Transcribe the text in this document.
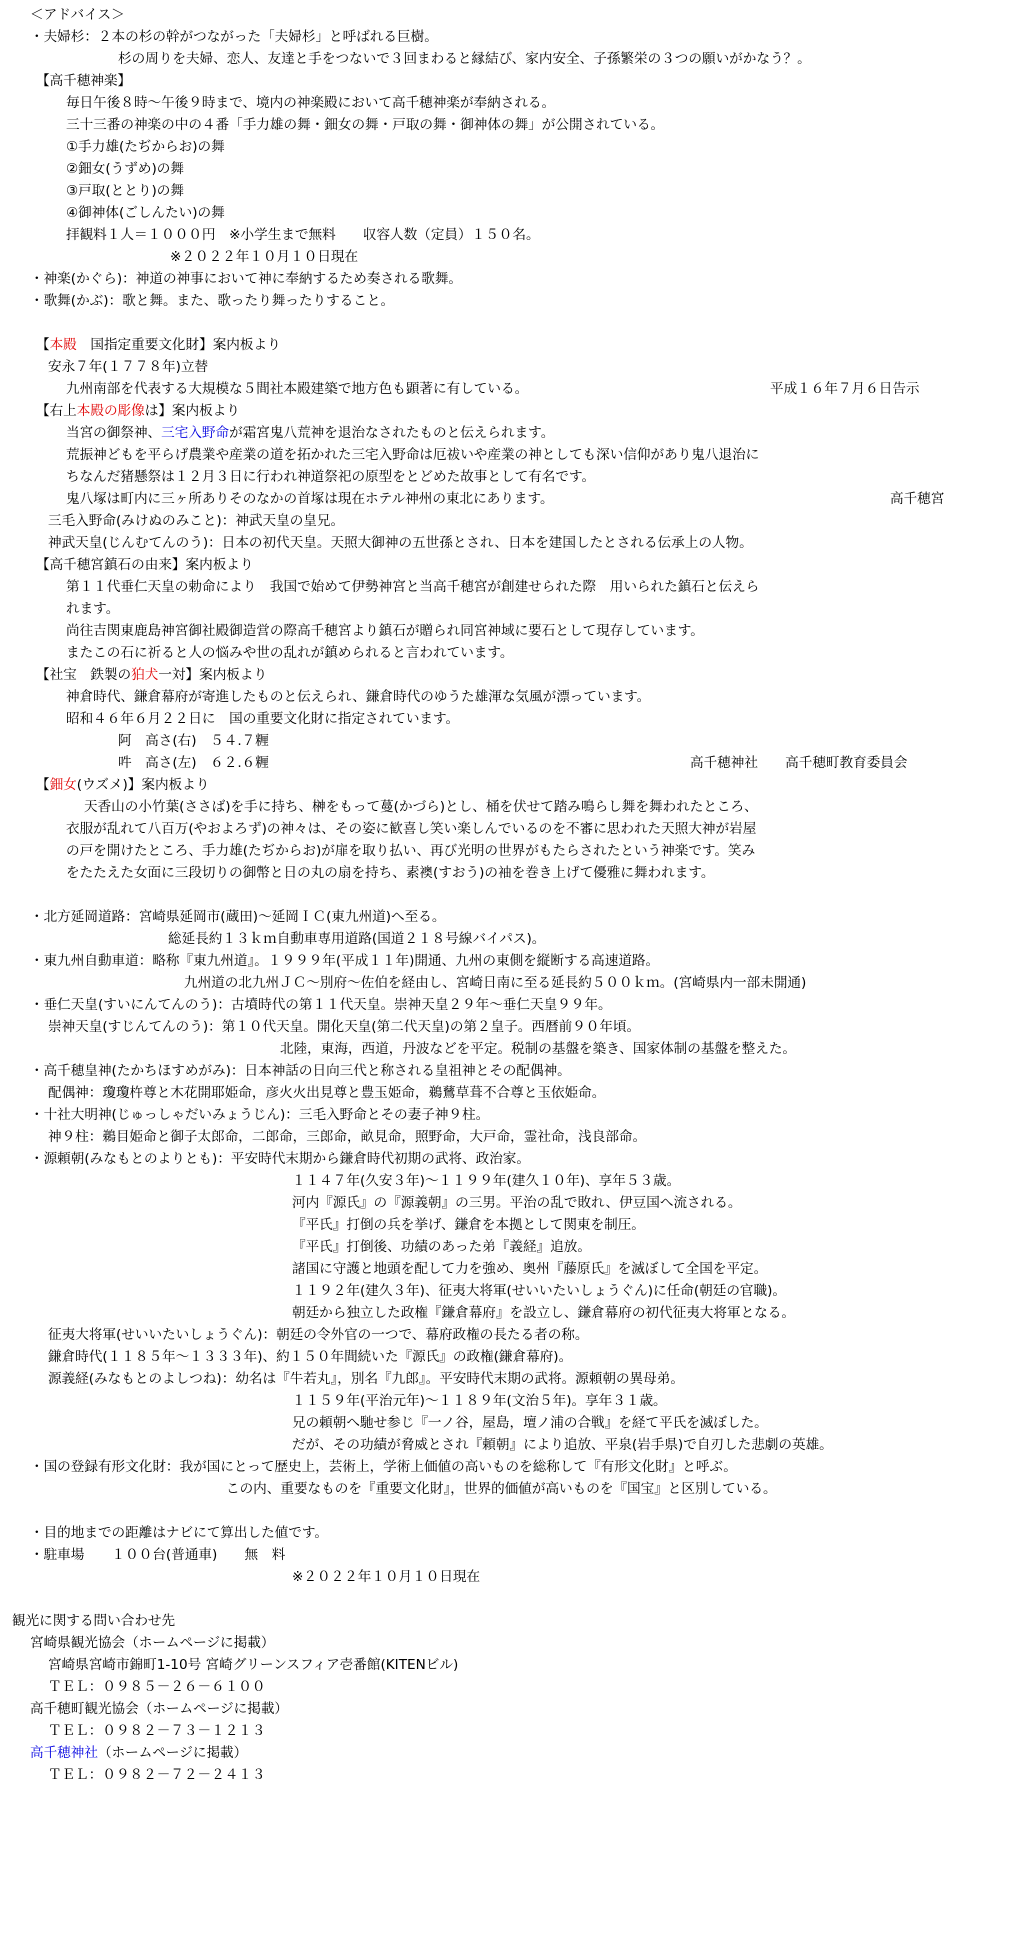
＜アドバイス＞
・夫婦杉：２本の杉の幹がつながった「夫婦杉」と呼ばれる巨樹。
杉の周りを夫婦、恋人、友達と手をつないで３回まわると縁結び、家内安全、子孫繁栄の３つの願いがかなう？。
【高千穂神楽】
毎日午後８時～午後９時まで、境内の神楽殿において高千穂神楽が奉納される。
三十三番の神楽の中の４番「手力雄の舞・鈿女の舞・戸取の舞・御神体の舞」が公開されている。
①手力雄(たぢからお)の舞
②鈿女(うずめ)の舞
③戸取(ととり)の舞
④御神体(ごしんたい)の舞
拝観料１人＝１０００円　※小学生まで無料　　収容人数（定員）１５０名。
※２０２２年１０月１０日現在
・神楽(かぐら)：神道の神事において神に奉納するため奏される歌舞。
・歌舞(かぶ)：歌と舞。また、歌ったり舞ったりすること。
【本殿　国指定重要文化財】案内板より
安永７年(１７７８年)立替
九州南部を代表する大規模な５間社本殿建築で地方色も顕著に有している。	平成１６年７月６日告示
【右上本殿の彫像は】案内板より
当宮の御祭神、三宅入野命が霜宮鬼八荒神を退治なされたものと伝えられます。
荒振神どもを平らげ農業や産業の道を拓かれた三宅入野命は厄祓いや産業の神としても深い信仰があり鬼八退治に
ちなんだ猪懸祭は１２月３日に行われ神道祭祀の原型をとどめた故事として有名です。
鬼八塚は町内に三ヶ所ありそのなかの首塚は現在ホテル神州の東北にあります。	高千穂宮
三毛入野命(みけぬのみこと)：神武天皇の皇兄。
神武天皇(じんむてんのう)：日本の初代天皇。天照大御神の五世孫とされ、日本を建国したとされる伝承上の人物。
【高千穂宮鎮石の由来】案内板より
第１１代垂仁天皇の勅命により　我国で始めて伊勢神宮と当高千穂宮が創建せられた際　用いられた鎮石と伝えら
れます。
尚往吉関東鹿島神宮御社殿御造営の際高千穂宮より鎮石が贈られ同宮神域に要石として現存しています。
またこの石に祈ると人の悩みや世の乱れが鎮められると言われています。
【社宝　鉄製の狛犬一対】案内板より
神倉時代、鎌倉幕府が寄進したものと伝えられ、鎌倉時代のゆうた雄渾な気風が漂っています。
昭和４６年６月２２日に　国の重要文化財に指定されています。
阿　高さ(右)　５４.７糎
吽　高さ(左)　６２.６糎	高千穂神社　　高千穂町教育委員会
【鈿女(ウズメ)】案内板より
天香山の小竹葉(ささば)を手に持ち、榊をもって蔓(かづら)とし、桶を伏せて踏み鳴らし舞を舞われたところ、
衣服が乱れて八百万(やおよろず)の神々は、その姿に歓喜し笑い楽しんでいるのを不審に思われた天照大神が岩屋
の戸を開けたところ、手力雄(たぢからお)が扉を取り払い、再び光明の世界がもたらされたという神楽です。笑み
をたたえた女面に三段切りの御幣と日の丸の扇を持ち、素襖(すおう)の袖を巻き上げて優雅に舞われます。
・北方延岡道路：宮崎県延岡市(蔵田)～延岡ＩＣ(東九州道)へ至る。
総延長約１３ｋｍ自動車専用道路(国道２１８号線バイパス)。
・東九州自動車道：略称『東九州道』。１９９９年(平成１１年)開通、九州の東側を縦断する高速道路。
九州道の北九州ＪＣ～別府～佐伯を経由し、宮崎日南に至る延長約５００ｋｍ。(宮崎県内一部未開通)
・垂仁天皇(すいにんてんのう)：古墳時代の第１１代天皇。崇神天皇２９年～垂仁天皇９９年。
崇神天皇(すじんてんのう)：第１０代天皇。開化天皇(第二代天皇)の第２皇子。西暦前９０年頃。
北陸，東海，西道，丹波などを平定。税制の基盤を築き、国家体制の基盤を整えた。
・高千穂皇神(たかちほすめがみ)：日本神話の日向三代と称される皇祖神とその配偶神。
配偶神：瓊瓊杵尊と木花開耶姫命，彦火火出見尊と豊玉姫命，鵜鶿草葺不合尊と玉依姫命。
・十社大明神(じゅっしゃだいみょうじん)：三毛入野命とその妻子神９柱。
神９柱：鵜目姫命と御子太郎命，二郎命，三郎命，畝見命，照野命，大戸命，霊社命，浅良部命。
・源頼朝(みなもとのよりとも)：平安時代末期から鎌倉時代初期の武将、政治家。
１１４７年(久安３年)～１１９９年(建久１０年)、享年５３歳。
河内『源氏』の『源義朝』の三男。平治の乱で敗れ、伊豆国へ流される。
『平氏』打倒の兵を挙げ、鎌倉を本拠として関東を制圧。
『平氏』打倒後、功績のあった弟『義経』追放。
諸国に守護と地頭を配して力を強め、奥州『藤原氏』を滅ぼして全国を平定。
１１９２年(建久３年)、征夷大将軍(せいいたいしょうぐん)に任命(朝廷の官職)。
朝廷から独立した政権『鎌倉幕府』を設立し、鎌倉幕府の初代征夷大将軍となる。
征夷大将軍(せいいたいしょうぐん)：朝廷の令外官の一つで、幕府政権の長たる者の称。
鎌倉時代(１１８５年～１３３３年)、約１５０年間続いた『源氏』の政権(鎌倉幕府)。
源義経(みなもとのよしつね)：幼名は『牛若丸』，別名『九郎』。平安時代末期の武将。源頼朝の異母弟。
１１５９年(平治元年)～１１８９年(文治５年)。享年３１歳。
兄の頼朝へ馳せ参じ『一ノ谷，屋島，壇ノ浦の合戦』を経て平氏を滅ぼした。
だが、その功績が脅威とされ『頼朝』により追放、平泉(岩手県)で自刃した悲劇の英雄。
・国の登録有形文化財：我が国にとって歴史上，芸術上，学術上価値の高いものを総称して『有形文化財』と呼ぶ。
この内、重要なものを『重要文化財』，世界的価値が高いものを『国宝』と区別している。
・目的地までの距離はナビにて算出した値です。
・駐車場　　１００台(普通車)　　無　料
※２０２２年１０月１０日現在
観光に関する問い合わせ先
宮崎県観光協会（ホームページに掲載）
宮崎県宮崎市錦町1-10号 宮崎グリーンスフィア壱番館(KITENビル)
ＴＥＬ：０９８５－２６－６１００
高千穂町観光協会（ホームページに掲載）
ＴＥＬ：０９８２－７３－１２１３
高千穂神社（ホームページに掲載）
ＴＥＬ：０９８２－７２－２４１３
